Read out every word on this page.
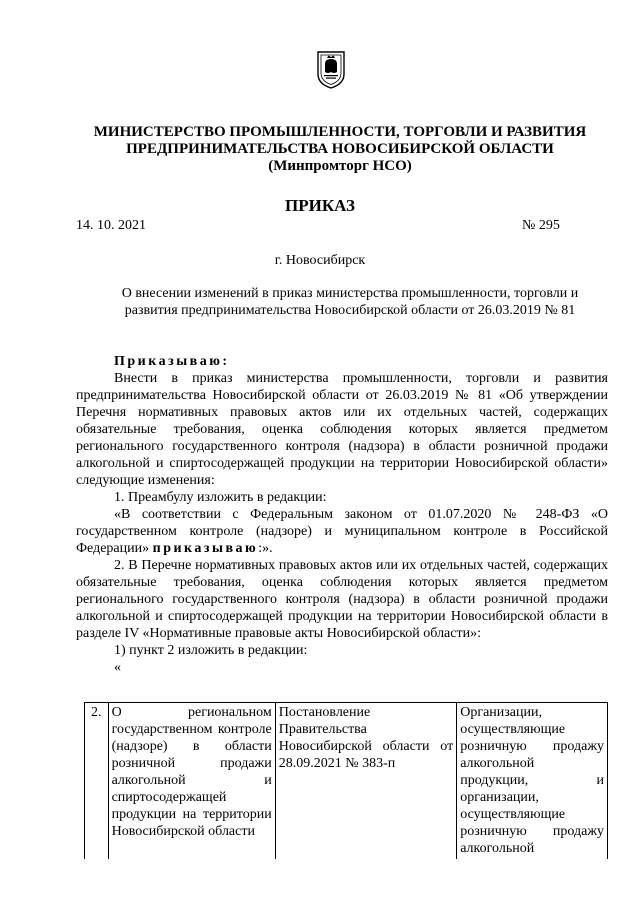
МИНИСТЕРСТВО ПРОМЫШЛЕННОСТИ, ТОРГОВЛИ И РАЗВИТИЯ
ПРЕДПРИНИМАТЕЛЬСТВА НОВОСИБИРСКОЙ ОБЛАСТИ
(Минпромторг НСО)
ПРИКАЗ
14. 10. 2021	№ 295
г. Новосибирск
О внесении изменений в приказ министерства промышленности, торговли и
развития предпринимательства Новосибирской области от 26.03.2019 № 81

Приказываю:

Внести в приказ министерства промышленности, торговли и развития предпринимательства Новосибирской области от 26.03.2019 № 81 «Об утверждении Перечня нормативных правовых актов или их отдельных частей, содержащих обязательные требования, оценка соблюдения которых является предметом регионального государственного контроля (надзора) в области розничной продажи алкогольной и спиртосодержащей продукции на территории Новосибирской области» следующие изменения:

1. Преамбулу изложить в редакции:

«В соответствии с Федеральным законом от 01.07.2020 № 248-ФЗ «О государственном контроле (надзоре) и муниципальном контроле в Российской Федерации» приказываю:».

2. В Перечне нормативных правовых актов или их отдельных частей, содержащих обязательные требования, оценка соблюдения которых является предметом регионального государственного контроля (надзора) в области розничной продажи алкогольной и спиртосодержащей продукции на территории Новосибирской области в разделе IV «Нормативные правовые акты Новосибирской области»:

1) пункт 2 изложить в редакции:

«

2.	О региональном государственном контроле (надзоре) в области розничной продажи алкогольной и спиртосодержащей продукции на территории Новосибирской области	Постановление Правительства Новосибирской области от 28.09.2021 № 383-п	Организации, осуществляющие розничную продажу алкогольной продукции, и организации, осуществляющие розничную продажу алкогольной
